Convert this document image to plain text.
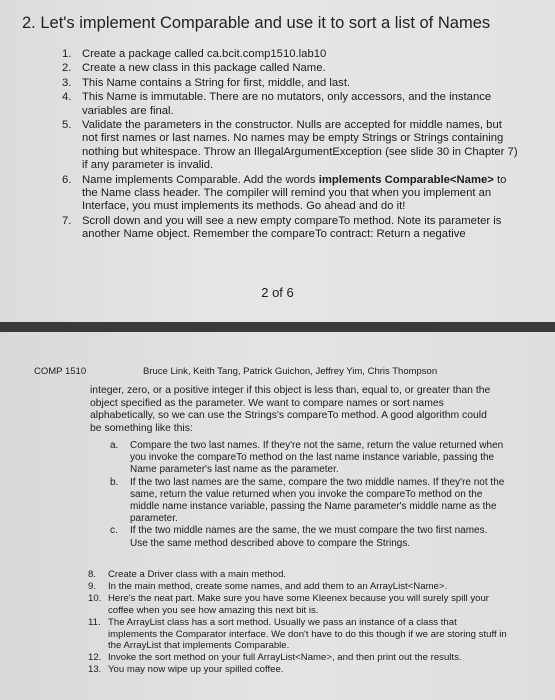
2. Let's implement Comparable and use it to sort a list of Names
1. Create a package called ca.bcit.comp1510.lab10
2. Create a new class in this package called Name.
3. This Name contains a String for first, middle, and last.
4. This Name is immutable. There are no mutators, only accessors, and the instance variables are final.
5. Validate the parameters in the constructor. Nulls are accepted for middle names, but not first names or last names. No names may be empty Strings or Strings containing nothing but whitespace. Throw an IllegalArgumentException (see slide 30 in Chapter 7) if any parameter is invalid.
6. Name implements Comparable. Add the words implements Comparable<Name> to the Name class header. The compiler will remind you that when you implement an Interface, you must implements its methods. Go ahead and do it!
7. Scroll down and you will see a new empty compareTo method. Note its parameter is another Name object. Remember the compareTo contract: Return a negative
2 of 6
COMP 1510	Bruce Link, Keith Tang, Patrick Guichon, Jeffrey Yim, Chris Thompson

integer, zero, or a positive integer if this object is less than, equal to, or greater than the object specified as the parameter. We want to compare names or sort names alphabetically, so we can use the Strings's compareTo method. A good algorithm could be something like this:

a. Compare the two last names. If they're not the same, return the value returned when you invoke the compareTo method on the last name instance variable, passing the Name parameter's last name as the parameter.
b. If the two last names are the same, compare the two middle names. If they're not the same, return the value returned when you invoke the compareTo method on the middle name instance variable, passing the Name parameter's middle name as the parameter.
c. If the two middle names are the same, the we must compare the two first names. Use the same method described above to compare the Strings.
8. Create a Driver class with a main method.
9. In the main method, create some names, and add them to an ArrayList<Name>.
10. Here's the neat part. Make sure you have some Kleenex because you will surely spill your coffee when you see how amazing this next bit is.
11. The ArrayList class has a sort method. Usually we pass an instance of a class that implements the Comparator interface. We don't have to do this though if we are storing stuff in the ArrayList that implements Comparable.
12. Invoke the sort method on your full ArrayList<Name>, and then print out the results.
13. You may now wipe up your spilled coffee.
